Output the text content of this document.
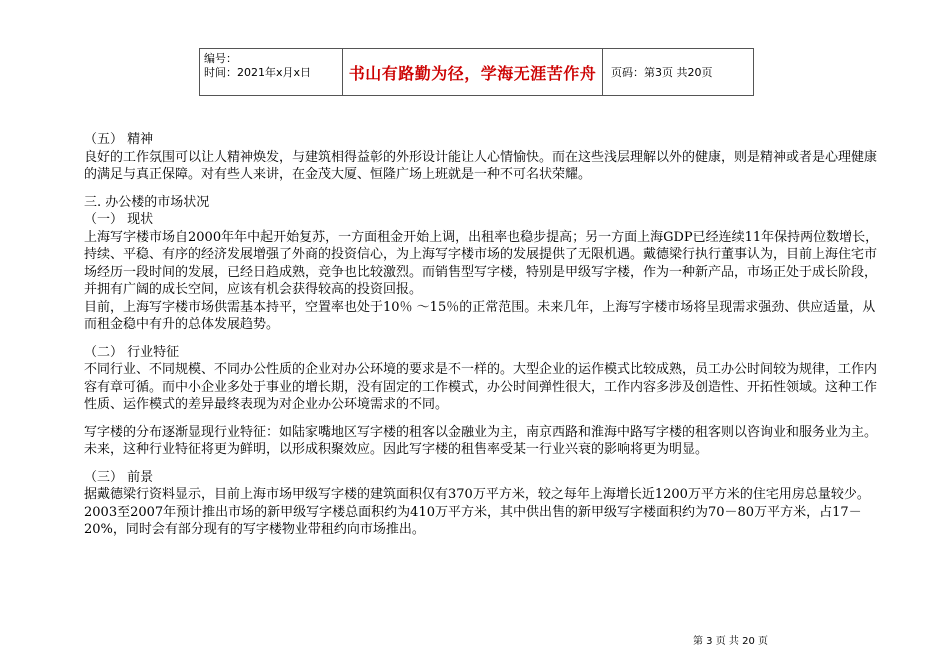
编号：
时间：2021年x月x日	书山有路勤为径，学海无涯苦作舟	页码：第3页 共20页

（五） 精神

良好的工作氛围可以让人精神焕发，与建筑相得益彰的外形设计能让人心情愉快。而在这些浅层理解以外的健康，则是精神或者是心理健康的满足与真正保障。对有些人来讲，在金茂大厦、恒隆广场上班就是一种不可名状荣耀。

三. 办公楼的市场状况

（一） 现状

上海写字楼市场自2000年年中起开始复苏，一方面租金开始上调，出租率也稳步提高；另一方面上海GDP已经连续11年保持两位数增长，持续、平稳、有序的经济发展增强了外商的投资信心，为上海写字楼市场的发展提供了无限机遇。戴德梁行执行董事认为，目前上海住宅市场经历一段时间的发展，已经日趋成熟，竞争也比较激烈。而销售型写字楼，特别是甲级写字楼，作为一种新产品，市场正处于成长阶段，并拥有广阔的成长空间，应该有机会获得较高的投资回报。

目前，上海写字楼市场供需基本持平，空置率也处于10％ ～15％的正常范围。未来几年，上海写字楼市场将呈现需求强劲、供应适量，从而租金稳中有升的总体发展趋势。

（二） 行业特征

不同行业、不同规模、不同办公性质的企业对办公环境的要求是不一样的。大型企业的运作模式比较成熟，员工办公时间较为规律，工作内容有章可循。而中小企业多处于事业的增长期，没有固定的工作模式，办公时间弹性很大，工作内容多涉及创造性、开拓性领域。这种工作性质、运作模式的差异最终表现为对企业办公环境需求的不同。

写字楼的分布逐渐显现行业特征：如陆家嘴地区写字楼的租客以金融业为主，南京西路和淮海中路写字楼的租客则以咨询业和服务业为主。未来，这种行业特征将更为鲜明，以形成积聚效应。因此写字楼的租售率受某一行业兴衰的影响将更为明显。

（三） 前景

据戴德梁行资料显示，目前上海市场甲级写字楼的建筑面积仅有370万平方米，较之每年上海增长近1200万平方米的住宅用房总量较少。2003至2007年预计推出市场的新甲级写字楼总面积约为410万平方米，其中供出售的新甲级写字楼面积约为70－80万平方米，占17－20%，同时会有部分现有的写字楼物业带租约向市场推出。

第 3 页 共 20 页
